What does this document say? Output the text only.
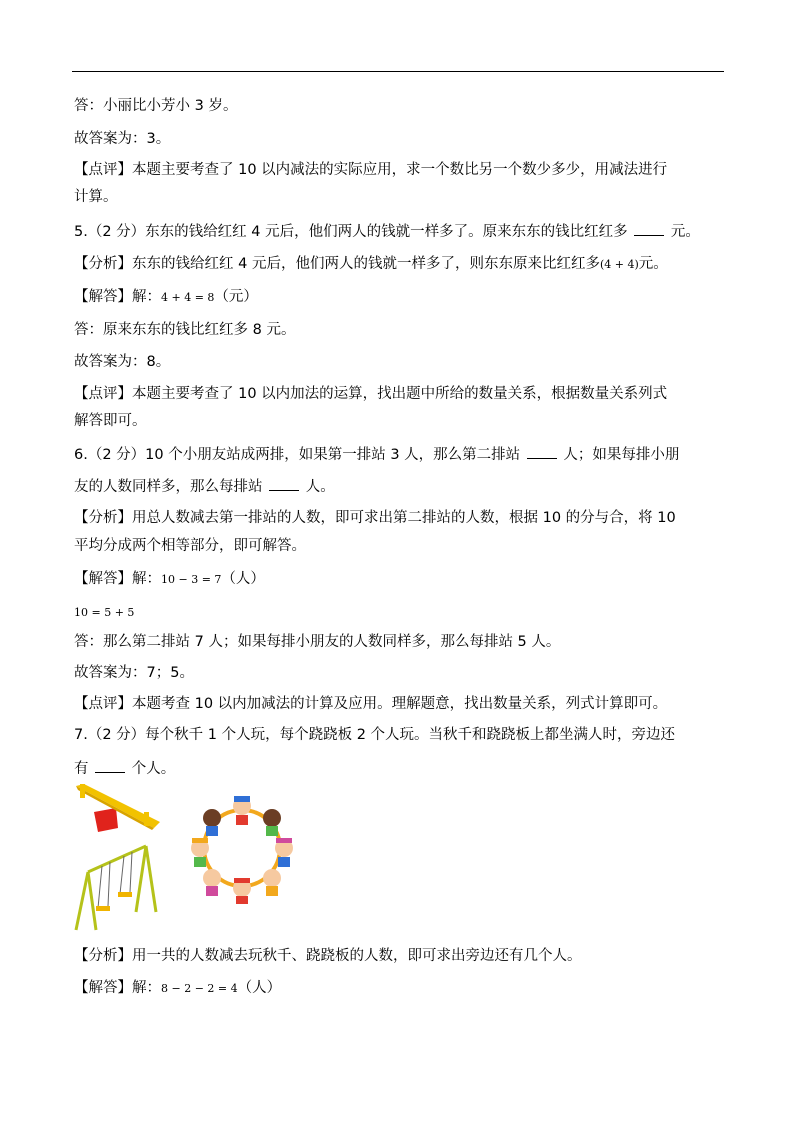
答：小丽比小芳小 3 岁。
故答案为：3。
【点评】本题主要考查了 10 以内减法的实际应用，求一个数比另一个数少多少，用减法进行
计算。
5.（2 分）东东的钱给红红 4 元后，他们两人的钱就一样多了。原来东东的钱比红红多	元。
【分析】东东的钱给红红 4 元后，他们两人的钱就一样多了，则东东原来比红红多(4 + 4)元。
【解答】解：4 + 4 = 8（元）
答：原来东东的钱比红红多 8 元。
故答案为：8。
【点评】本题主要考查了 10 以内加法的运算，找出题中所给的数量关系，根据数量关系列式
解答即可。
6.（2 分）10 个小朋友站成两排，如果第一排站 3 人，那么第二排站	人；如果每排小朋
友的人数同样多，那么每排站	人。
【分析】用总人数减去第一排站的人数，即可求出第二排站的人数，根据 10 的分与合，将 10
平均分成两个相等部分，即可解答。
【解答】解：10 − 3 = 7（人）
10 = 5 + 5
答：那么第二排站 7 人；如果每排小朋友的人数同样多，那么每排站 5 人。
故答案为：7；5。
【点评】本题考查 10 以内加减法的计算及应用。理解题意，找出数量关系，列式计算即可。
7.（2 分）每个秋千 1 个人玩，每个跷跷板 2 个人玩。当秋千和跷跷板上都坐满人时，旁边还
有	个人。
【分析】用一共的人数减去玩秋千、跷跷板的人数，即可求出旁边还有几个人。
【解答】解：8 − 2 − 2 = 4（人）
